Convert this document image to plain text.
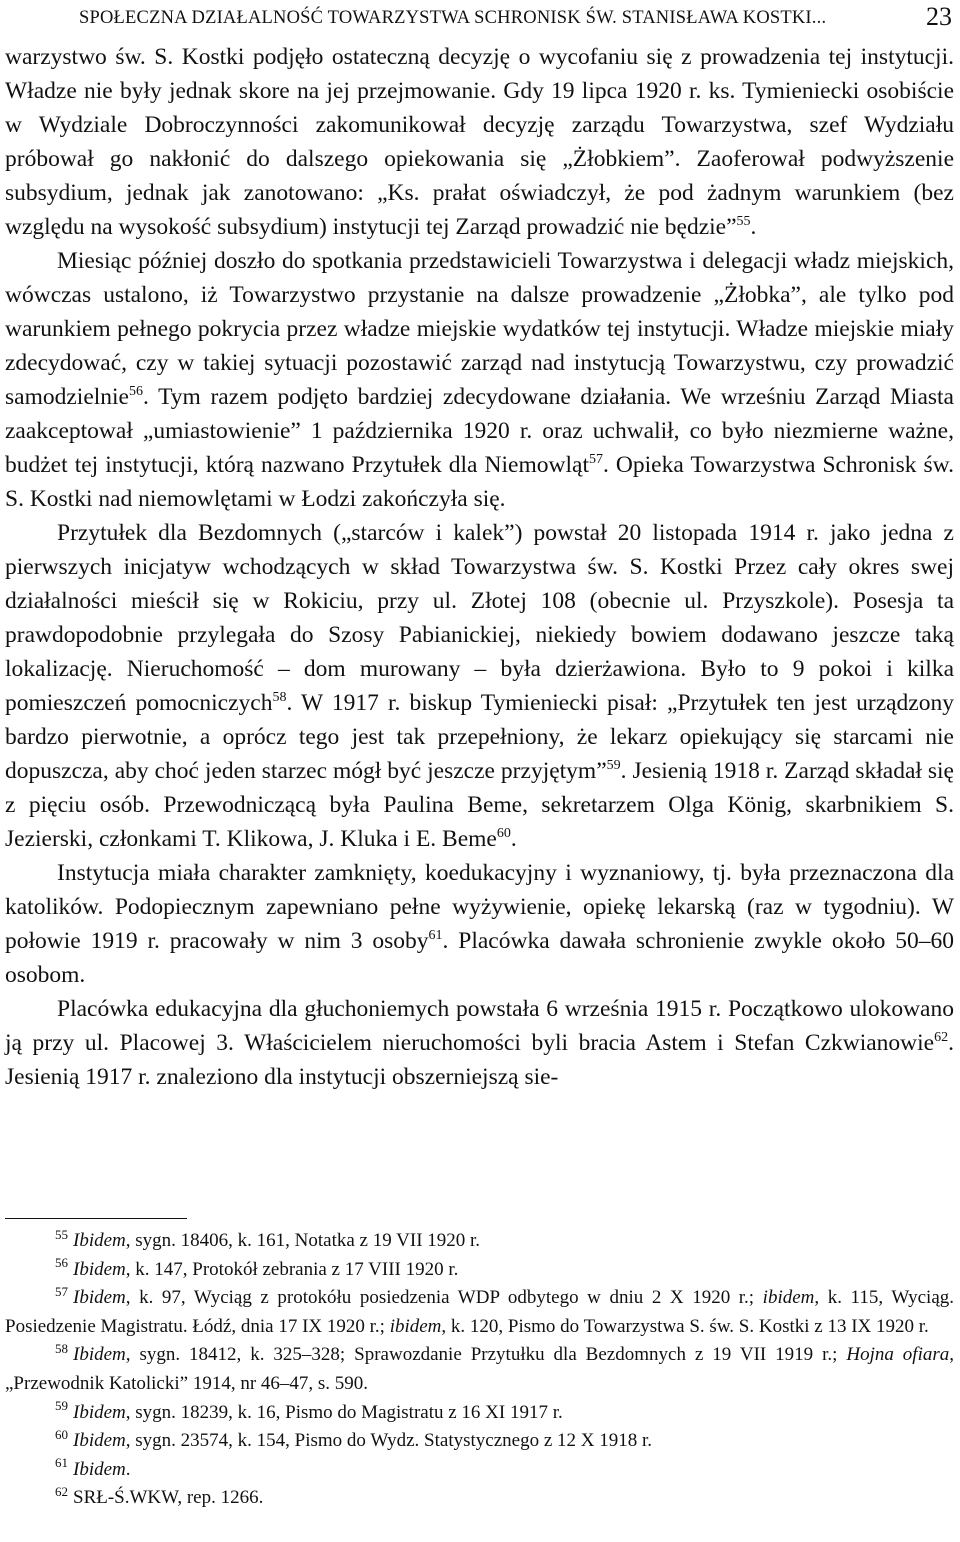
SPOŁECZNA DZIAŁALNOŚĆ TOWARZYSTWA SCHRONISK ŚW. STANISŁAWA KOSTKI...	23

warzystwo św. S. Kostki podjęło ostateczną decyzję o wycofaniu się z prowadzenia tej instytucji. Władze nie były jednak skore na jej przejmowanie. Gdy 19 lipca 1920 r. ks. Tymieniecki osobiście w Wydziale Dobroczynności zakomunikował decyzję zarządu Towarzystwa, szef Wydziału próbował go nakłonić do dalszego opiekowania się „Żłobkiem”. Zaoferował podwyższenie subsydium, jednak jak zanotowano: „Ks. prałat oświadczył, że pod żadnym warunkiem (bez względu na wysokość subsydium) instytucji tej Zarząd prowadzić nie będzie”$^{55}$.

Miesiąc później doszło do spotkania przedstawicieli Towarzystwa i delegacji władz miejskich, wówczas ustalono, iż Towarzystwo przystanie na dalsze prowadzenie „Żłobka”, ale tylko pod warunkiem pełnego pokrycia przez władze miejskie wydatków tej instytucji. Władze miejskie miały zdecydować, czy w takiej sytuacji pozostawić zarząd nad instytucją Towarzystwu, czy prowadzić samodzielnie$^{56}$. Tym razem podjęto bardziej zdecydowane działania. We wrześniu Zarząd Miasta zaakceptował „umiastowienie” 1 października 1920 r. oraz uchwalił, co było niezmierne ważne, budżet tej instytucji, którą nazwano Przytułek dla Niemowląt$^{57}$. Opieka Towarzystwa Schronisk św. S. Kostki nad niemowlętami w Łodzi zakończyła się.

Przytułek dla Bezdomnych („starców i kalek”) powstał 20 listopada 1914 r. jako jedna z pierwszych inicjatyw wchodzących w skład Towarzystwa św. S. Kostki Przez cały okres swej działalności mieścił się w Rokiciu, przy ul. Złotej 108 (obecnie ul. Przyszkole). Posesja ta prawdopodobnie przylegała do Szosy Pabianickiej, niekiedy bowiem dodawano jeszcze taką lokalizację. Nieruchomość – dom murowany – była dzierżawiona. Było to 9 pokoi i kilka pomieszczeń pomocniczych$^{58}$. W 1917 r. biskup Tymieniecki pisał: „Przytułek ten jest urządzony bardzo pierwotnie, a oprócz tego jest tak przepełniony, że lekarz opiekujący się starcami nie dopuszcza, aby choć jeden starzec mógł być jeszcze przyjętym”$^{59}$. Jesienią 1918 r. Zarząd składał się z pięciu osób. Przewodniczącą była Paulina Beme, sekretarzem Olga König, skarbnikiem S. Jezierski, członkami T. Klikowa, J. Kluka i E. Beme$^{60}$.

Instytucja miała charakter zamknięty, koedukacyjny i wyznaniowy, tj. była przeznaczona dla katolików. Podopiecznym zapewniano pełne wyżywienie, opiekę lekarską (raz w tygodniu). W połowie 1919 r. pracowały w nim 3 osoby$^{61}$. Placówka dawała schronienie zwykle około 50–60 osobom.

Placówka edukacyjna dla głuchoniemych powstała 6 września 1915 r. Początkowo ulokowano ją przy ul. Placowej 3. Właścicielem nieruchomości byli bracia Astem i Stefan Czkwianowie$^{62}$. Jesienią 1917 r. znaleziono dla instytucji obszerniejszą sie-

$^{55}$ Ibidem, sygn. 18406, k. 161, Notatka z 19 VII 1920 r.

$^{56}$ Ibidem, k. 147, Protokół zebrania z 17 VIII 1920 r.

$^{57}$ Ibidem, k. 97, Wyciąg z protokółu posiedzenia WDP odbytego w dniu 2 X 1920 r.; ibidem, k. 115, Wyciąg. Posiedzenie Magistratu. Łódź, dnia 17 IX 1920 r.; ibidem, k. 120, Pismo do Towarzystwa S. św. S. Kostki z 13 IX 1920 r.

$^{58}$ Ibidem, sygn. 18412, k. 325–328; Sprawozdanie Przytułku dla Bezdomnych z 19 VII 1919 r.; Hojna ofiara, „Przewodnik Katolicki” 1914, nr 46–47, s. 590.

$^{59}$ Ibidem, sygn. 18239, k. 16, Pismo do Magistratu z 16 XI 1917 r.

$^{60}$ Ibidem, sygn. 23574, k. 154, Pismo do Wydz. Statystycznego z 12 X 1918 r.

$^{61}$ Ibidem.

$^{62}$ SRŁ-Ś.WKW, rep. 1266.
